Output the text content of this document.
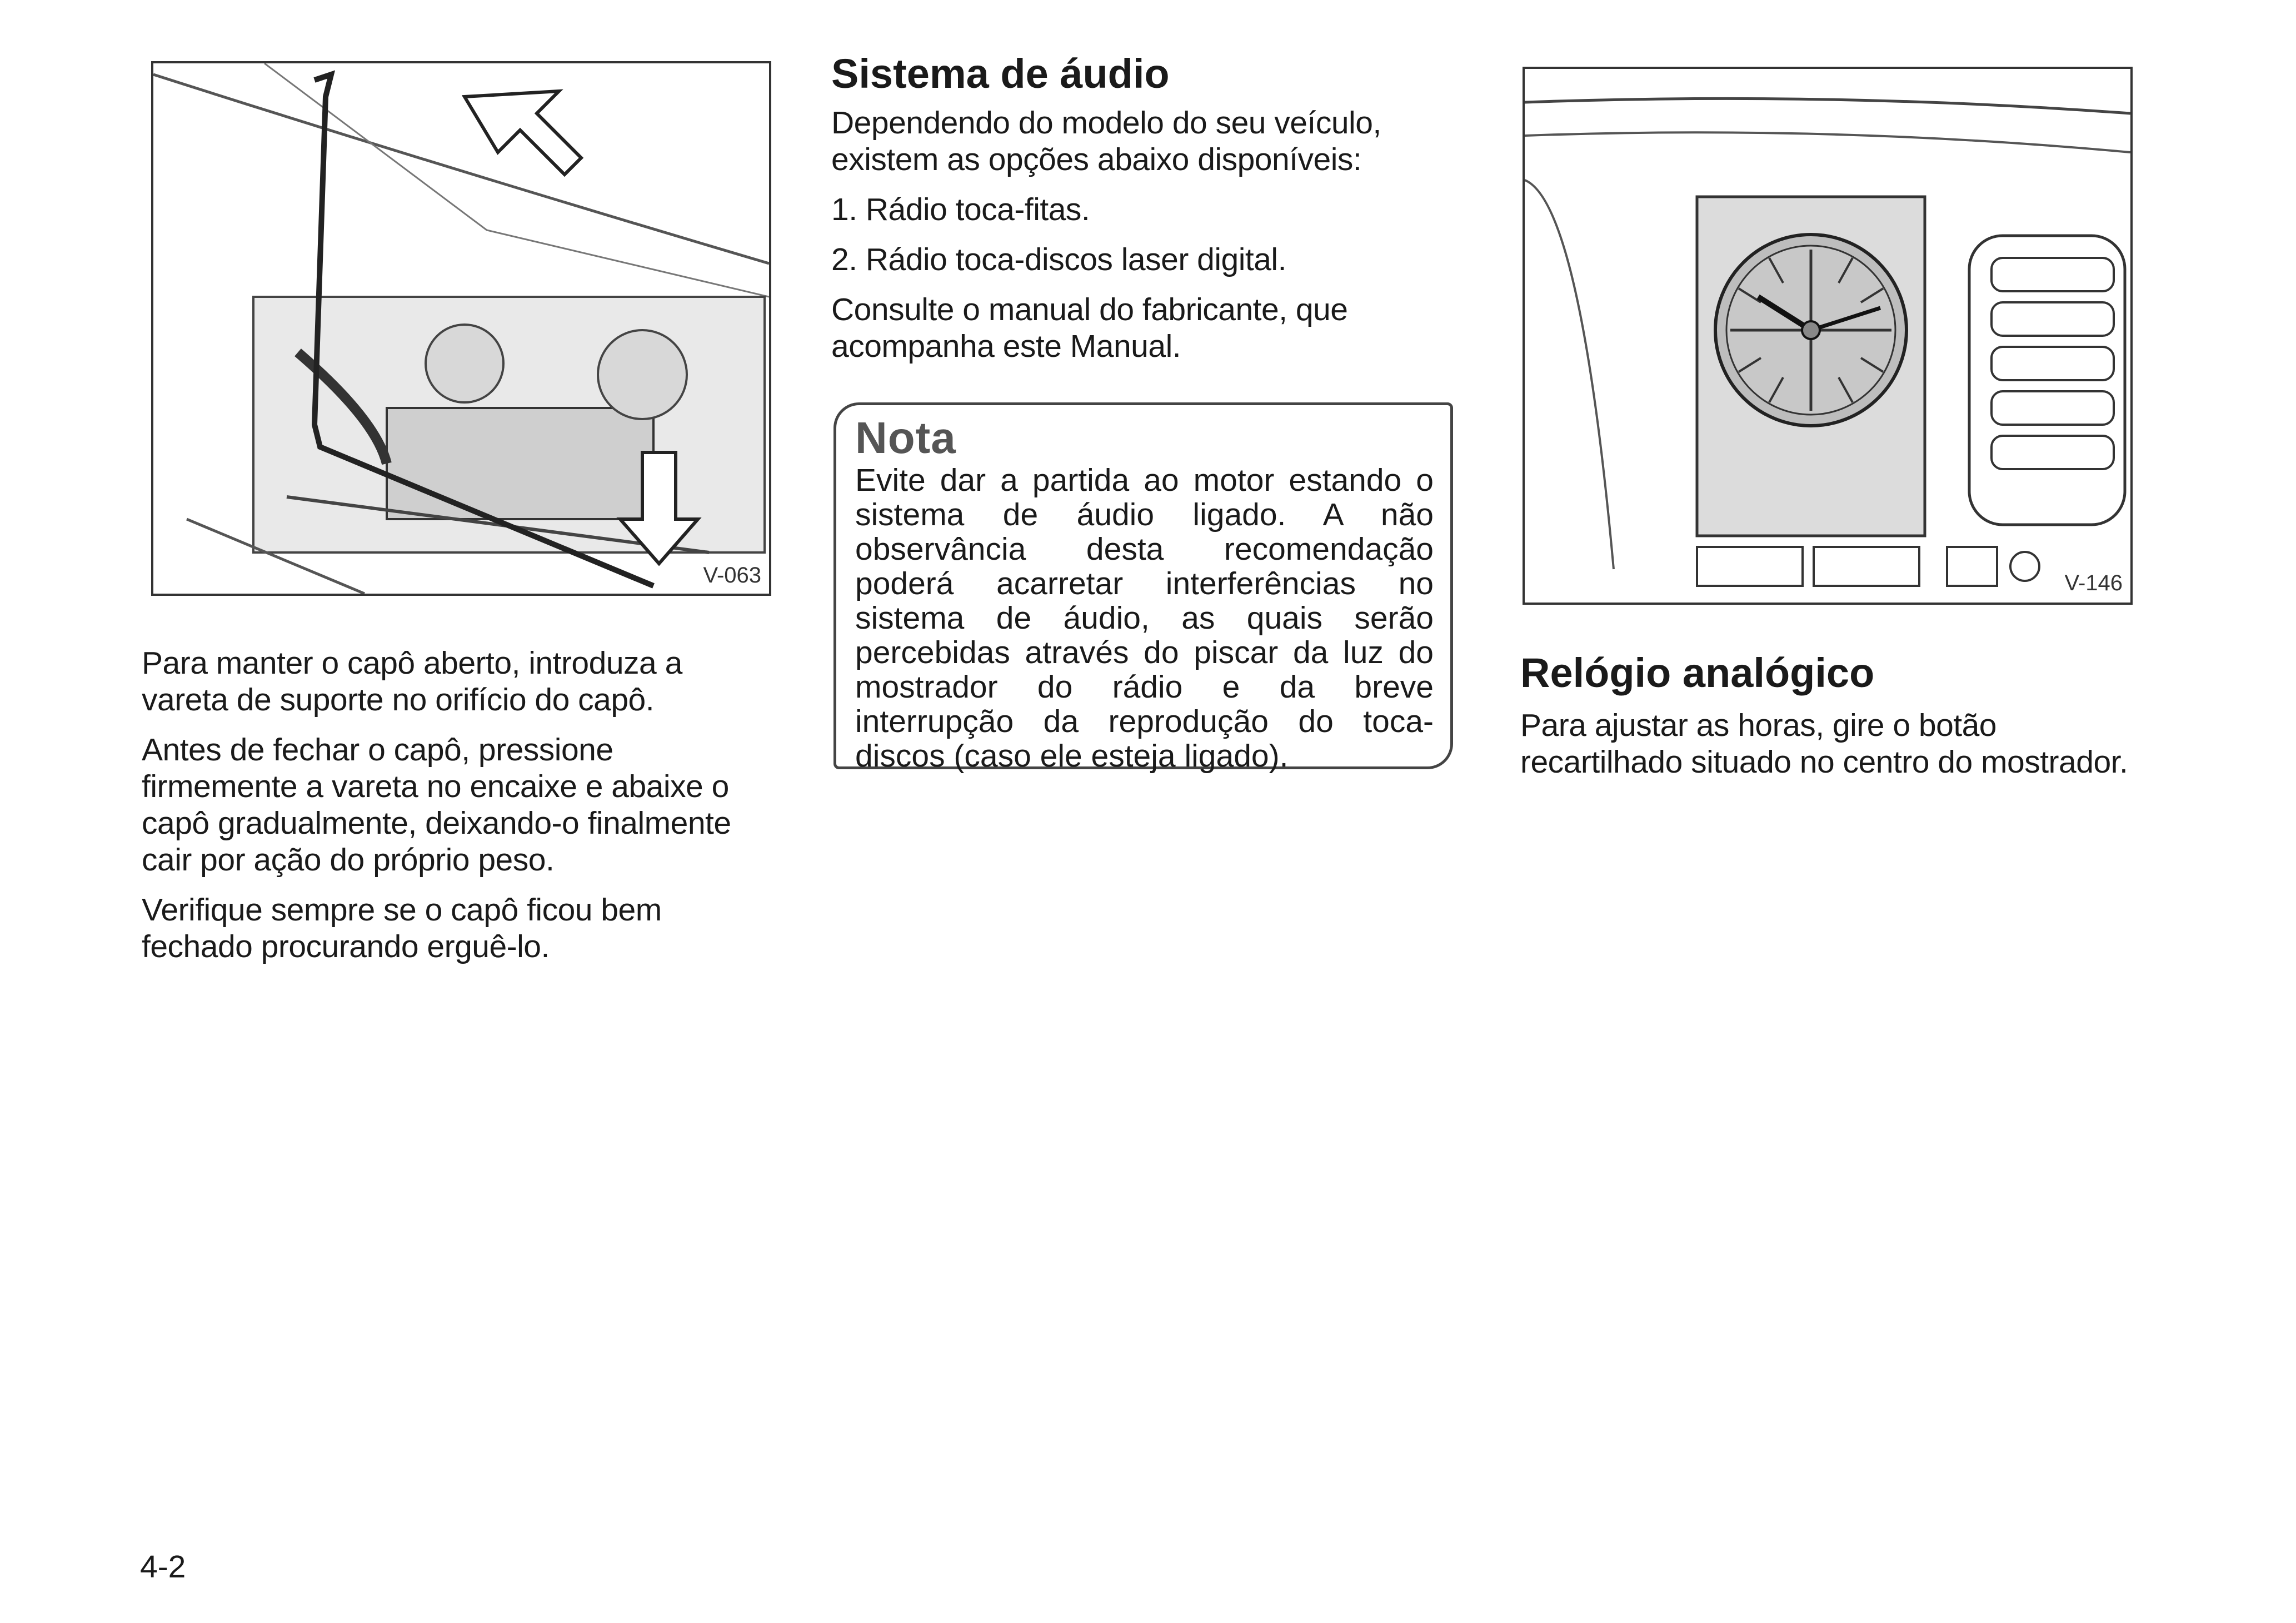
V-063

Para manter o capô aberto, introduza a vareta de suporte no orifício do capô.

Antes de fechar o capô, pressione firmemente a vareta no encaixe e abaixe o capô gradualmente, deixando-o finalmente cair por ação do próprio peso.

Verifique sempre se o capô ficou bem fechado procurando erguê-lo.

4-2
Sistema de áudio

Dependendo do modelo do seu veículo, existem as opções abaixo disponíveis:

1. Rádio toca-fitas.

2. Rádio toca-discos laser digital.

Consulte o manual do fabricante, que acompanha este Manual.

Nota

Evite dar a partida ao motor estando o sistema de áudio ligado. A não observância desta recomendação poderá acarretar interferências no sistema de áudio, as quais serão percebidas através do piscar da luz do mostrador do rádio e da breve interrupção da reprodução do toca-discos (caso ele esteja ligado).

V-146
Relógio analógico

Para ajustar as horas, gire o botão recartilhado situado no centro do mostrador.
